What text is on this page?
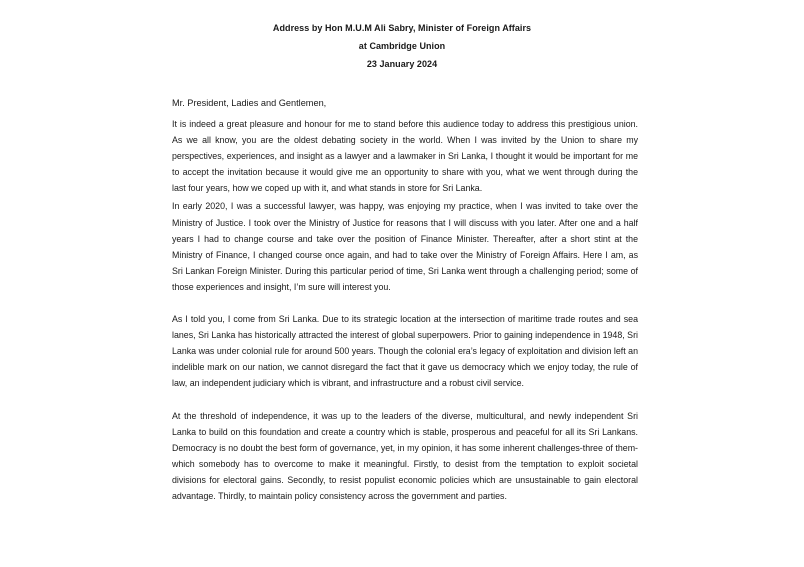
Address by Hon M.U.M Ali Sabry, Minister of Foreign Affairs
at Cambridge Union
23 January 2024

Mr. President, Ladies and Gentlemen,

It is indeed a great pleasure and honour for me to stand before this audience today to address this prestigious union. As we all know, you are the oldest debating society in the world. When I was invited by the Union to share my perspectives, experiences, and insight as a lawyer and a lawmaker in Sri Lanka, I thought it would be important for me to accept the invitation because it would give me an opportunity to share with you, what we went through during the last four years, how we coped up with it, and what stands in store for Sri Lanka.

In early 2020, I was a successful lawyer, was happy, was enjoying my practice, when I was invited to take over the Ministry of Justice. I took over the Ministry of Justice for reasons that I will discuss with you later. After one and a half years I had to change course and take over the position of Finance Minister. Thereafter, after a short stint at the Ministry of Finance, I changed course once again, and had to take over the Ministry of Foreign Affairs. Here I am, as Sri Lankan Foreign Minister. During this particular period of time, Sri Lanka went through a challenging period; some of those experiences and insight, I’m sure will interest you.

As I told you, I come from Sri Lanka. Due to its strategic location at the intersection of maritime trade routes and sea lanes, Sri Lanka has historically attracted the interest of global superpowers. Prior to gaining independence in 1948, Sri Lanka was under colonial rule for around 500 years. Though the colonial era’s legacy of exploitation and division left an indelible mark on our nation, we cannot disregard the fact that it gave us democracy which we enjoy today, the rule of law, an independent judiciary which is vibrant, and infrastructure and a robust civil service.

At the threshold of independence, it was up to the leaders of the diverse, multicultural, and newly independent Sri Lanka to build on this foundation and create a country which is stable, prosperous and peaceful for all its Sri Lankans. Democracy is no doubt the best form of governance, yet, in my opinion, it has some inherent challenges-three of them-which somebody has to overcome to make it meaningful. Firstly, to desist from the temptation to exploit societal divisions for electoral gains. Secondly, to resist populist economic policies which are unsustainable to gain electoral advantage. Thirdly, to maintain policy consistency across the government and parties.
